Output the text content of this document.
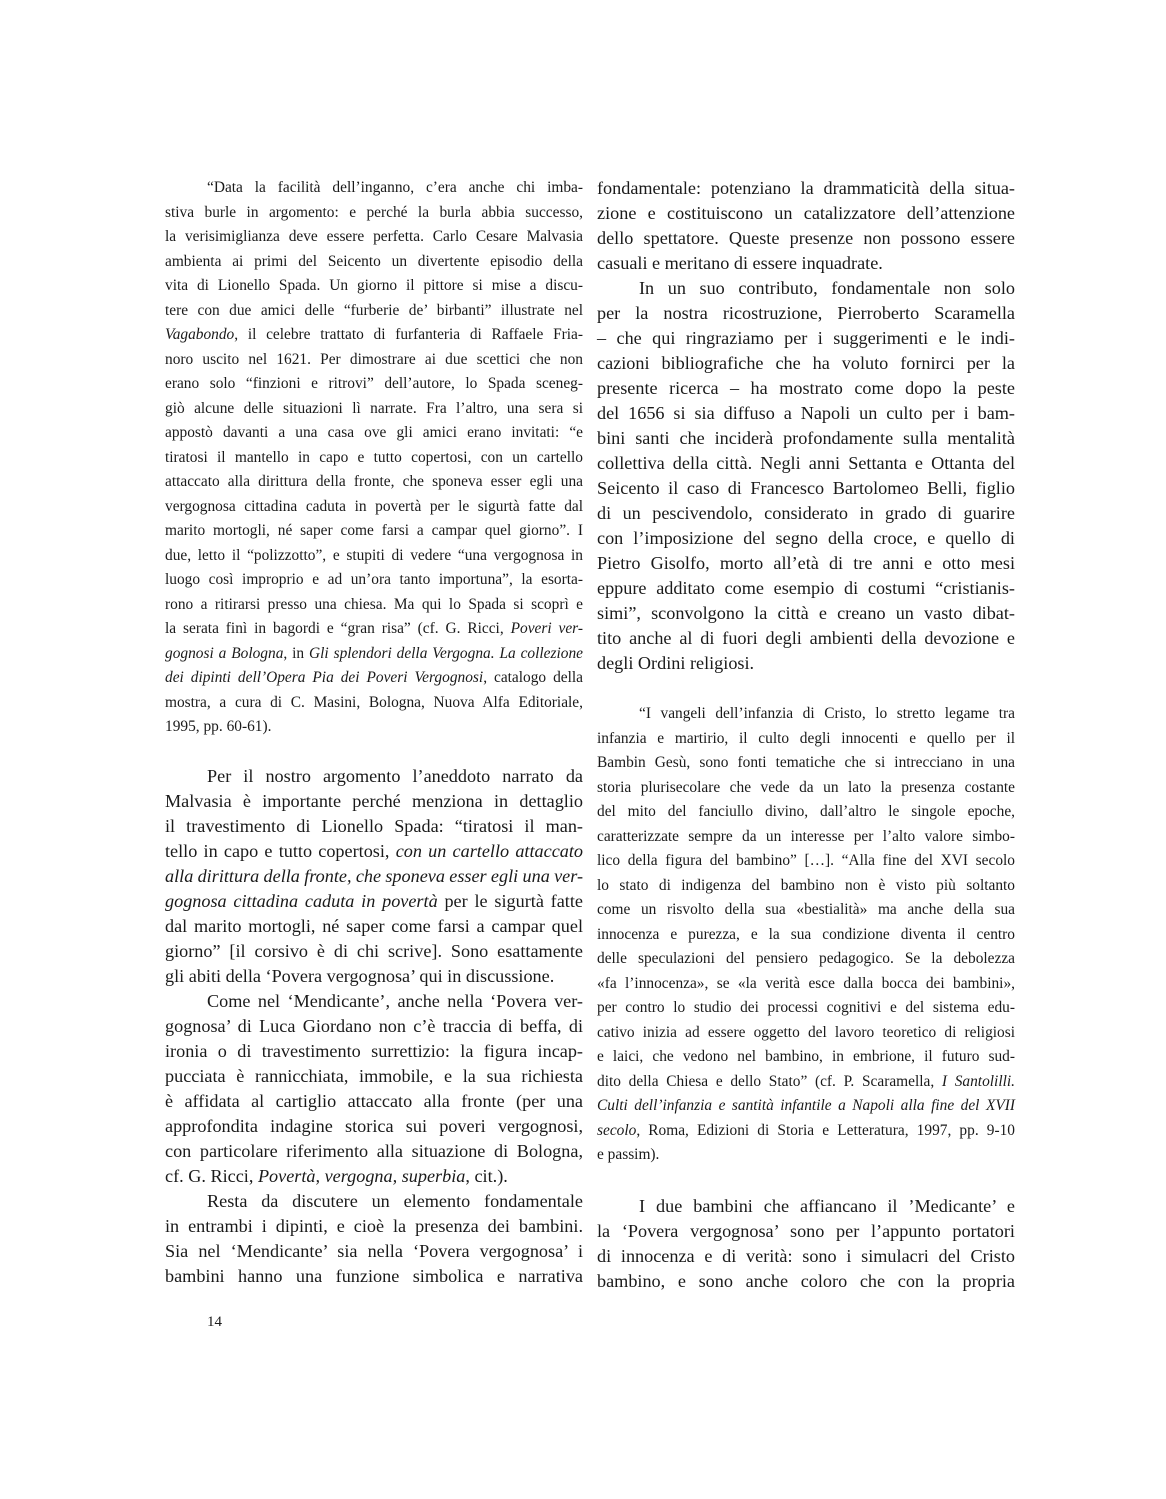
“Data la facilità dell’inganno, c’era anche chi imba-
stiva burle in argomento: e perché la burla abbia successo,
la verisimiglianza deve essere perfetta. Carlo Cesare Malvasia
ambienta ai primi del Seicento un divertente episodio della
vita di Lionello Spada. Un giorno il pittore si mise a discu-
tere con due amici delle “furberie de’ birbanti” illustrate nel
Vagabondo, il celebre trattato di furfanteria di Raffaele Fria-
noro uscito nel 1621. Per dimostrare ai due scettici che non
erano solo “finzioni e ritrovi” dell’autore, lo Spada sceneg-
giò alcune delle situazioni lì narrate. Fra l’altro, una sera si
appostò davanti a una casa ove gli amici erano invitati: “e
tiratosi il mantello in capo e tutto copertosi, con un cartello
attaccato alla dirittura della fronte, che sponeva esser egli una
vergognosa cittadina caduta in povertà per le sigurtà fatte dal
marito mortogli, né saper come farsi a campar quel giorno”. I
due, letto il “polizzotto”, e stupiti di vedere “una vergognosa in
luogo così improprio e ad un’ora tanto importuna”, la esorta-
rono a ritirarsi presso una chiesa. Ma qui lo Spada si scoprì e
la serata finì in bagordi e “gran risa” (cf. G. Ricci, Poveri ver-
gognosi a Bologna, in Gli splendori della Vergogna. La collezione
dei dipinti dell’Opera Pia dei Poveri Vergognosi, catalogo della
mostra, a cura di C. Masini, Bologna, Nuova Alfa Editoriale,
1995, pp. 60-61).
Per il nostro argomento l’aneddoto narrato da
Malvasia è importante perché menziona in dettaglio
il travestimento di Lionello Spada: “tiratosi il man-
tello in capo e tutto copertosi, con un cartello attaccato
alla dirittura della fronte, che sponeva esser egli una ver-
gognosa cittadina caduta in povertà per le sigurtà fatte
dal marito mortogli, né saper come farsi a campar quel
giorno” [il corsivo è di chi scrive]. Sono esattamente
gli abiti della ‘Povera vergognosa’ qui in discussione.
Come nel ‘Mendicante’, anche nella ‘Povera ver-
gognosa’ di Luca Giordano non c’è traccia di beffa, di
ironia o di travestimento surrettizio: la figura incap-
pucciata è rannicchiata, immobile, e la sua richiesta
è affidata al cartiglio attaccato alla fronte (per una
approfondita indagine storica sui poveri vergognosi,
con particolare riferimento alla situazione di Bologna,
cf. G. Ricci, Povertà, vergogna, superbia, cit.).
Resta da discutere un elemento fondamentale
in entrambi i dipinti, e cioè la presenza dei bambini.
Sia nel ‘Mendicante’ sia nella ‘Povera vergognosa’ i
bambini hanno una funzione simbolica e narrativa
fondamentale: potenziano la drammaticità della situa-
zione e costituiscono un catalizzatore dell’attenzione
dello spettatore. Queste presenze non possono essere
casuali e meritano di essere inquadrate.
In un suo contributo, fondamentale non solo
per la nostra ricostruzione, Pierroberto Scaramella
– che qui ringraziamo per i suggerimenti e le indi-
cazioni bibliografiche che ha voluto fornirci per la
presente ricerca – ha mostrato come dopo la peste
del 1656 si sia diffuso a Napoli un culto per i bam-
bini santi che inciderà profondamente sulla mentalità
collettiva della città. Negli anni Settanta e Ottanta del
Seicento il caso di Francesco Bartolomeo Belli, figlio
di un pescivendolo, considerato in grado di guarire
con l’imposizione del segno della croce, e quello di
Pietro Gisolfo, morto all’età di tre anni e otto mesi
eppure additato come esempio di costumi “cristianis-
simi”, sconvolgono la città e creano un vasto dibat-
tito anche al di fuori degli ambienti della devozione e
degli Ordini religiosi.
“I vangeli dell’infanzia di Cristo, lo stretto legame tra
infanzia e martirio, il culto degli innocenti e quello per il
Bambin Gesù, sono fonti tematiche che si intrecciano in una
storia plurisecolare che vede da un lato la presenza costante
del mito del fanciullo divino, dall’altro le singole epoche,
caratterizzate sempre da un interesse per l’alto valore simbo-
lico della figura del bambino” […]. “Alla fine del XVI secolo
lo stato di indigenza del bambino non è visto più soltanto
come un risvolto della sua «bestialità» ma anche della sua
innocenza e purezza, e la sua condizione diventa il centro
delle speculazioni del pensiero pedagogico. Se la debolezza
«fa l’innocenza», se «la verità esce dalla bocca dei bambini»,
per contro lo studio dei processi cognitivi e del sistema edu-
cativo inizia ad essere oggetto del lavoro teoretico di religiosi
e laici, che vedono nel bambino, in embrione, il futuro sud-
dito della Chiesa e dello Stato” (cf. P. Scaramella, I Santolilli.
Culti dell’infanzia e santità infantile a Napoli alla fine del XVII
secolo, Roma, Edizioni di Storia e Letteratura, 1997, pp. 9-10
e passim).
I due bambini che affiancano il ’Medicante’ e
la ‘Povera vergognosa’ sono per l’appunto portatori
di innocenza e di verità: sono i simulacri del Cristo
bambino, e sono anche coloro che con la propria
14
